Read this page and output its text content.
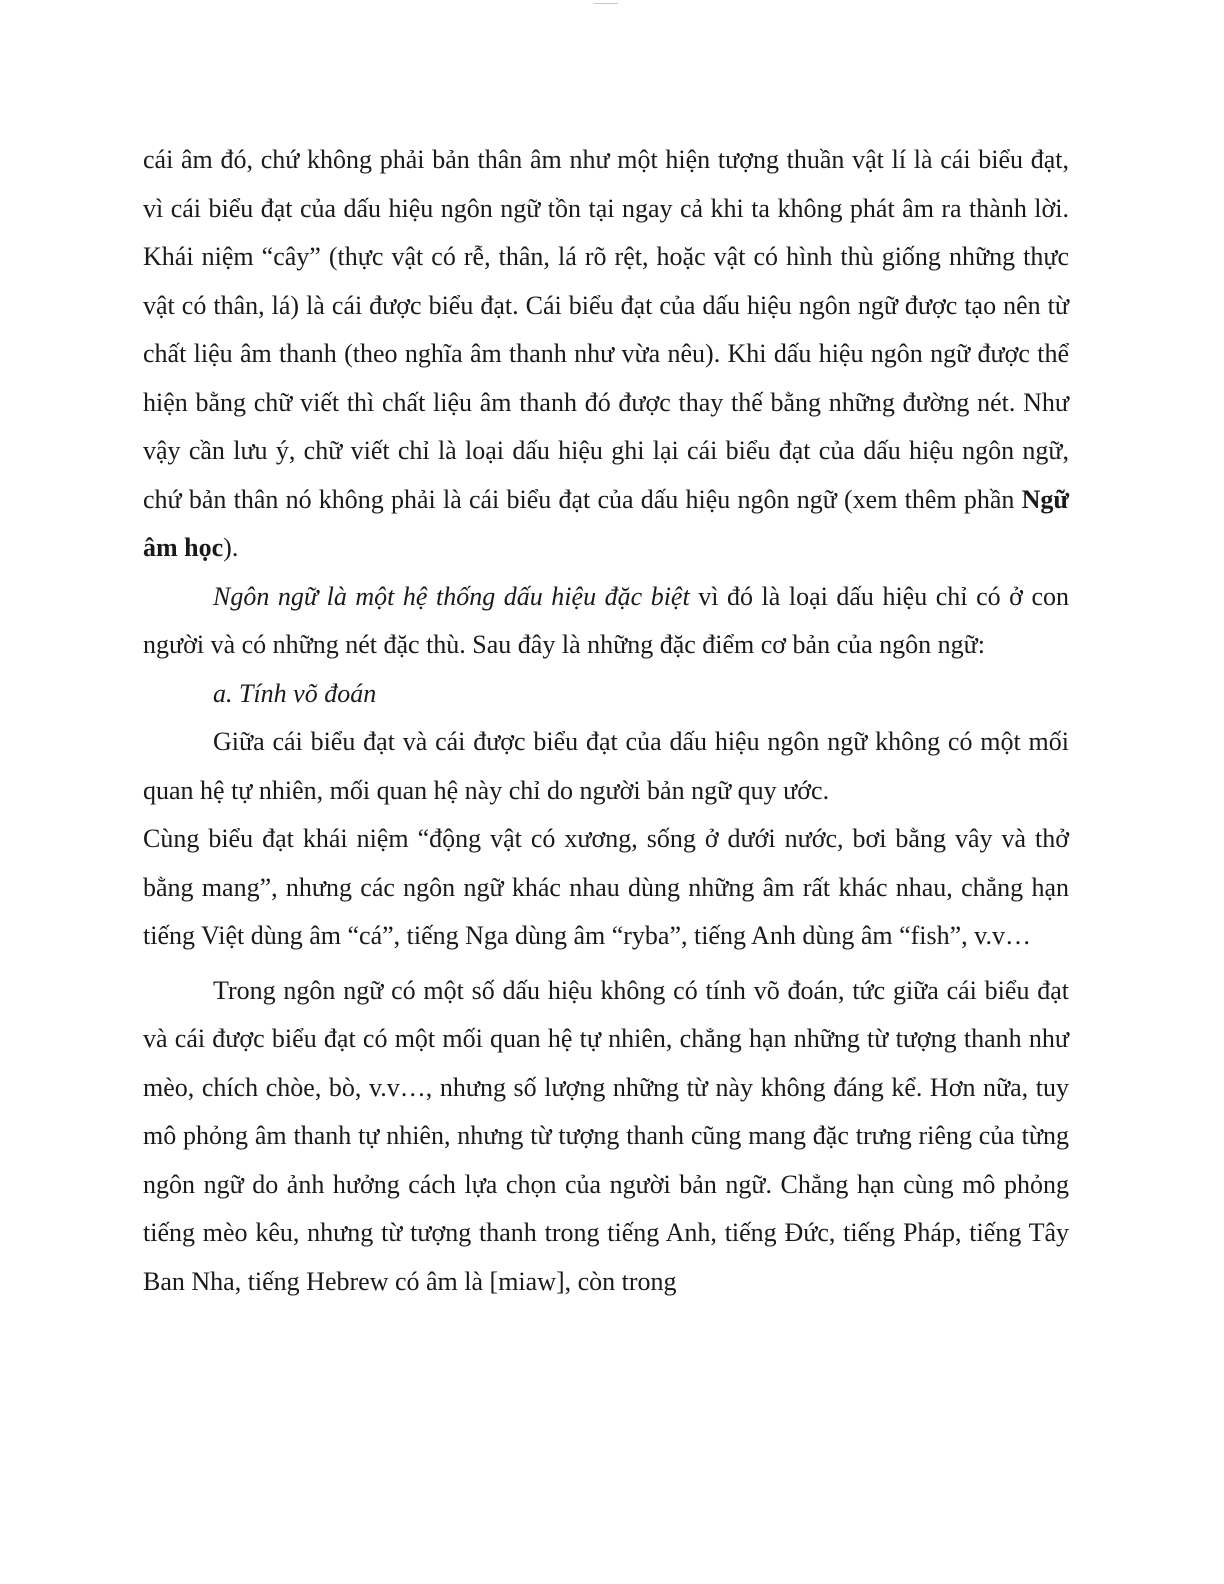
cái âm đó, chứ không phải bản thân âm như một hiện tượng thuần vật lí là cái biểu đạt, vì cái biểu đạt của dấu hiệu ngôn ngữ tồn tại ngay cả khi ta không phát âm ra thành lời. Khái niệm “cây” (thực vật có rễ, thân, lá rõ rệt, hoặc vật có hình thù giống những thực vật có thân, lá) là cái được biểu đạt. Cái biểu đạt của dấu hiệu ngôn ngữ được tạo nên từ chất liệu âm thanh (theo nghĩa âm thanh như vừa nêu). Khi dấu hiệu ngôn ngữ được thể hiện bằng chữ viết thì chất liệu âm thanh đó được thay thế bằng những đường nét. Như vậy cần lưu ý, chữ viết chỉ là loại dấu hiệu ghi lại cái biểu đạt của dấu hiệu ngôn ngữ, chứ bản thân nó không phải là cái biểu đạt của dấu hiệu ngôn ngữ (xem thêm phần Ngữ âm học).

Ngôn ngữ là một hệ thống dấu hiệu đặc biệt vì đó là loại dấu hiệu chỉ có ở con người và có những nét đặc thù. Sau đây là những đặc điểm cơ bản của ngôn ngữ:

a. Tính võ đoán

Giữa cái biểu đạt và cái được biểu đạt của dấu hiệu ngôn ngữ không có một mối quan hệ tự nhiên, mối quan hệ này chỉ do người bản ngữ quy ước.

Cùng biểu đạt khái niệm “động vật có xương, sống ở dưới nước, bơi bằng vây và thở bằng mang”, nhưng các ngôn ngữ khác nhau dùng những âm rất khác nhau, chẳng hạn tiếng Việt dùng âm “cá”, tiếng Nga dùng âm “ryba”, tiếng Anh dùng âm “fish”, v.v…

Trong ngôn ngữ có một số dấu hiệu không có tính võ đoán, tức giữa cái biểu đạt và cái được biểu đạt có một mối quan hệ tự nhiên, chẳng hạn những từ tượng thanh như mèo, chích chòe, bò, v.v…, nhưng số lượng những từ này không đáng kể. Hơn nữa, tuy mô phỏng âm thanh tự nhiên, nhưng từ tượng thanh cũng mang đặc trưng riêng của từng ngôn ngữ do ảnh hưởng cách lựa chọn của người bản ngữ. Chẳng hạn cùng mô phỏng tiếng mèo kêu, nhưng từ tượng thanh trong tiếng Anh, tiếng Đức, tiếng Pháp, tiếng Tây Ban Nha, tiếng Hebrew có âm là [miaw], còn trong
